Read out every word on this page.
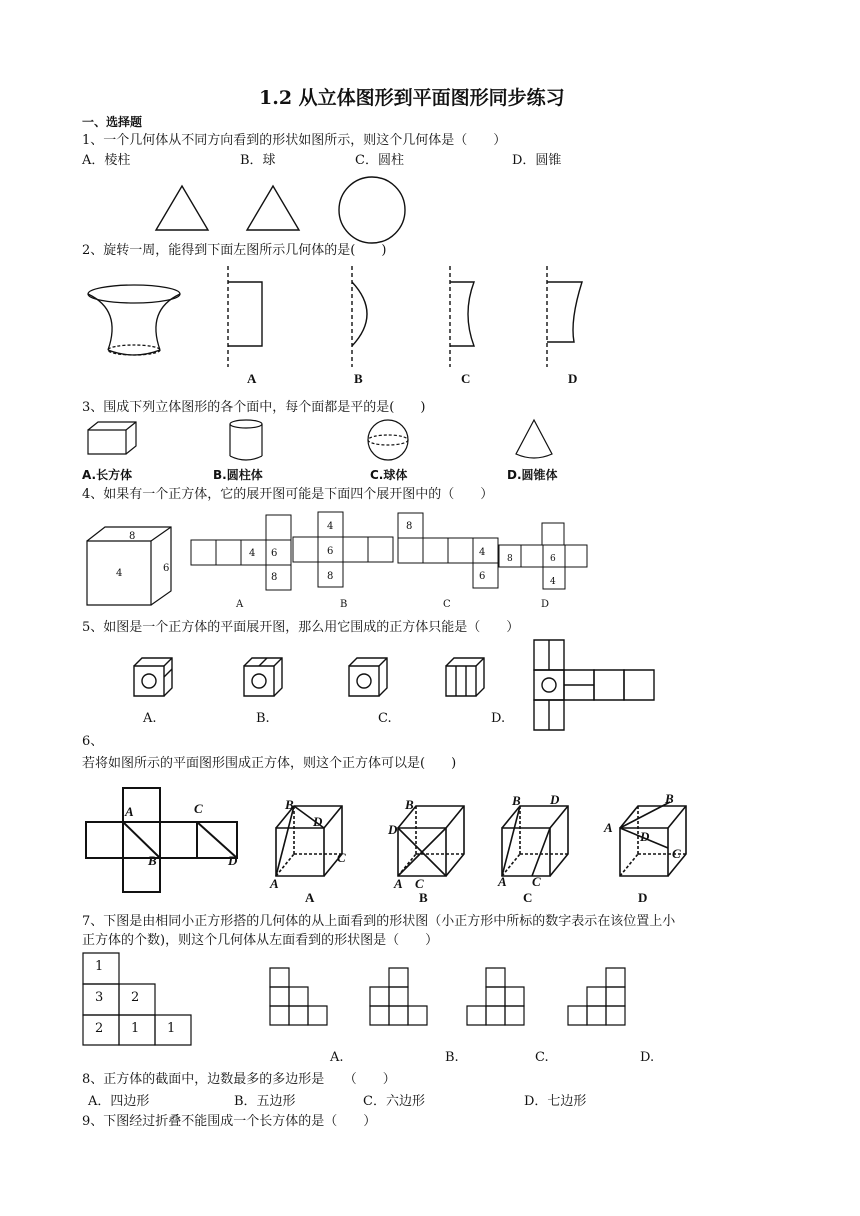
1.2 从立体图形到平面图形同步练习
一、选择题
1、一个几何体从不同方向看到的形状如图所示，则这个几何体是（　　）
A．棱柱	B．球	C．圆柱	D．圆锥
2、旋转一周，能得到下面左图所示几何体的是(　　)
A	B	C	D
3、围成下列立体图形的各个面中，每个面都是平的是(　　)
A.长方体	B.圆柱体	C.球体	D.圆锥体
4、如果有一个正方体，它的展开图可能是下面四个展开图中的（　　）
8
4	6
4 6
8
4
6
8
8
4
6
8	6
4
A	B	C	D
5、如图是一个正方体的平面展开图，那么用它围成的正方体只能是（　　）
A.	B.	C.	D.
6、
若将如图所示的平面图形围成正方体，则这个正方体可以是(　　)
A	C
B	D
B
D
C
A
A
B
D
A C
B
B D
A C
C
B
A
D
C
D
7、下图是由相同小正方形搭的几何体的从上面看到的形状图（小正方形中所标的数字表示在该位置上小
正方体的个数)，则这个几何体从左面看到的形状图是（　　）
1
3 2
2 1 1
A.	B.	C.	D.
8、正方体的截面中，边数最多的多边形是　　（　　）
A．四边形	B．五边形	C．六边形	D．七边形
9、下图经过折叠不能围成一个长方体的是（　　）
